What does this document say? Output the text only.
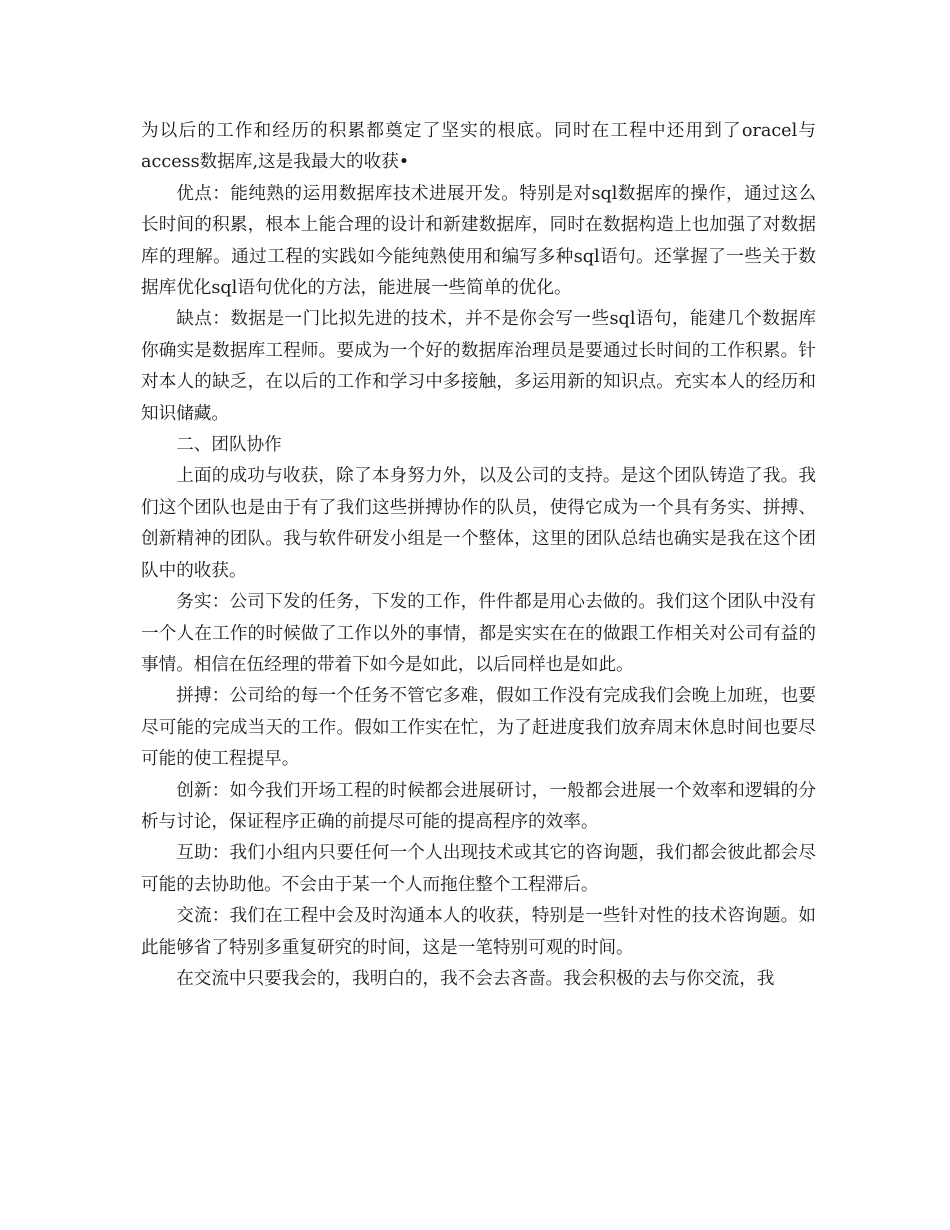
为以后的工作和经历的积累都奠定了坚实的根底。同时在工程中还用到了oracel与access数据库,这是我最大的收获•

优点：能纯熟的运用数据库技术进展开发。特别是对sql数据库的操作，通过这么长时间的积累，根本上能合理的设计和新建数据库，同时在数据构造上也加强了对数据库的理解。通过工程的实践如今能纯熟使用和编写多种sql语句。还掌握了一些关于数据库优化sql语句优化的方法，能进展一些简单的优化。

缺点：数据是一门比拟先进的技术，并不是你会写一些sql语句，能建几个数据库你确实是数据库工程师。要成为一个好的数据库治理员是要通过长时间的工作积累。针对本人的缺乏，在以后的工作和学习中多接触，多运用新的知识点。充实本人的经历和知识储藏。

二、团队协作

上面的成功与收获，除了本身努力外，以及公司的支持。是这个团队铸造了我。我们这个团队也是由于有了我们这些拼搏协作的队员，使得它成为一个具有务实、拼搏、创新精神的团队。我与软件研发小组是一个整体，这里的团队总结也确实是我在这个团队中的收获。

务实：公司下发的任务，下发的工作，件件都是用心去做的。我们这个团队中没有一个人在工作的时候做了工作以外的事情，都是实实在在的做跟工作相关对公司有益的事情。相信在伍经理的带着下如今是如此，以后同样也是如此。

拼搏：公司给的每一个任务不管它多难，假如工作没有完成我们会晚上加班，也要尽可能的完成当天的工作。假如工作实在忙，为了赶进度我们放弃周末休息时间也要尽可能的使工程提早。

创新：如今我们开场工程的时候都会进展研讨，一般都会进展一个效率和逻辑的分析与讨论，保证程序正确的前提尽可能的提高程序的效率。

互助：我们小组内只要任何一个人出现技术或其它的咨询题，我们都会彼此都会尽可能的去协助他。不会由于某一个人而拖住整个工程滞后。

交流：我们在工程中会及时沟通本人的收获，特别是一些针对性的技术咨询题。如此能够省了特别多重复研究的时间，这是一笔特别可观的时间。

在交流中只要我会的，我明白的，我不会去吝啬。我会积极的去与你交流，我
